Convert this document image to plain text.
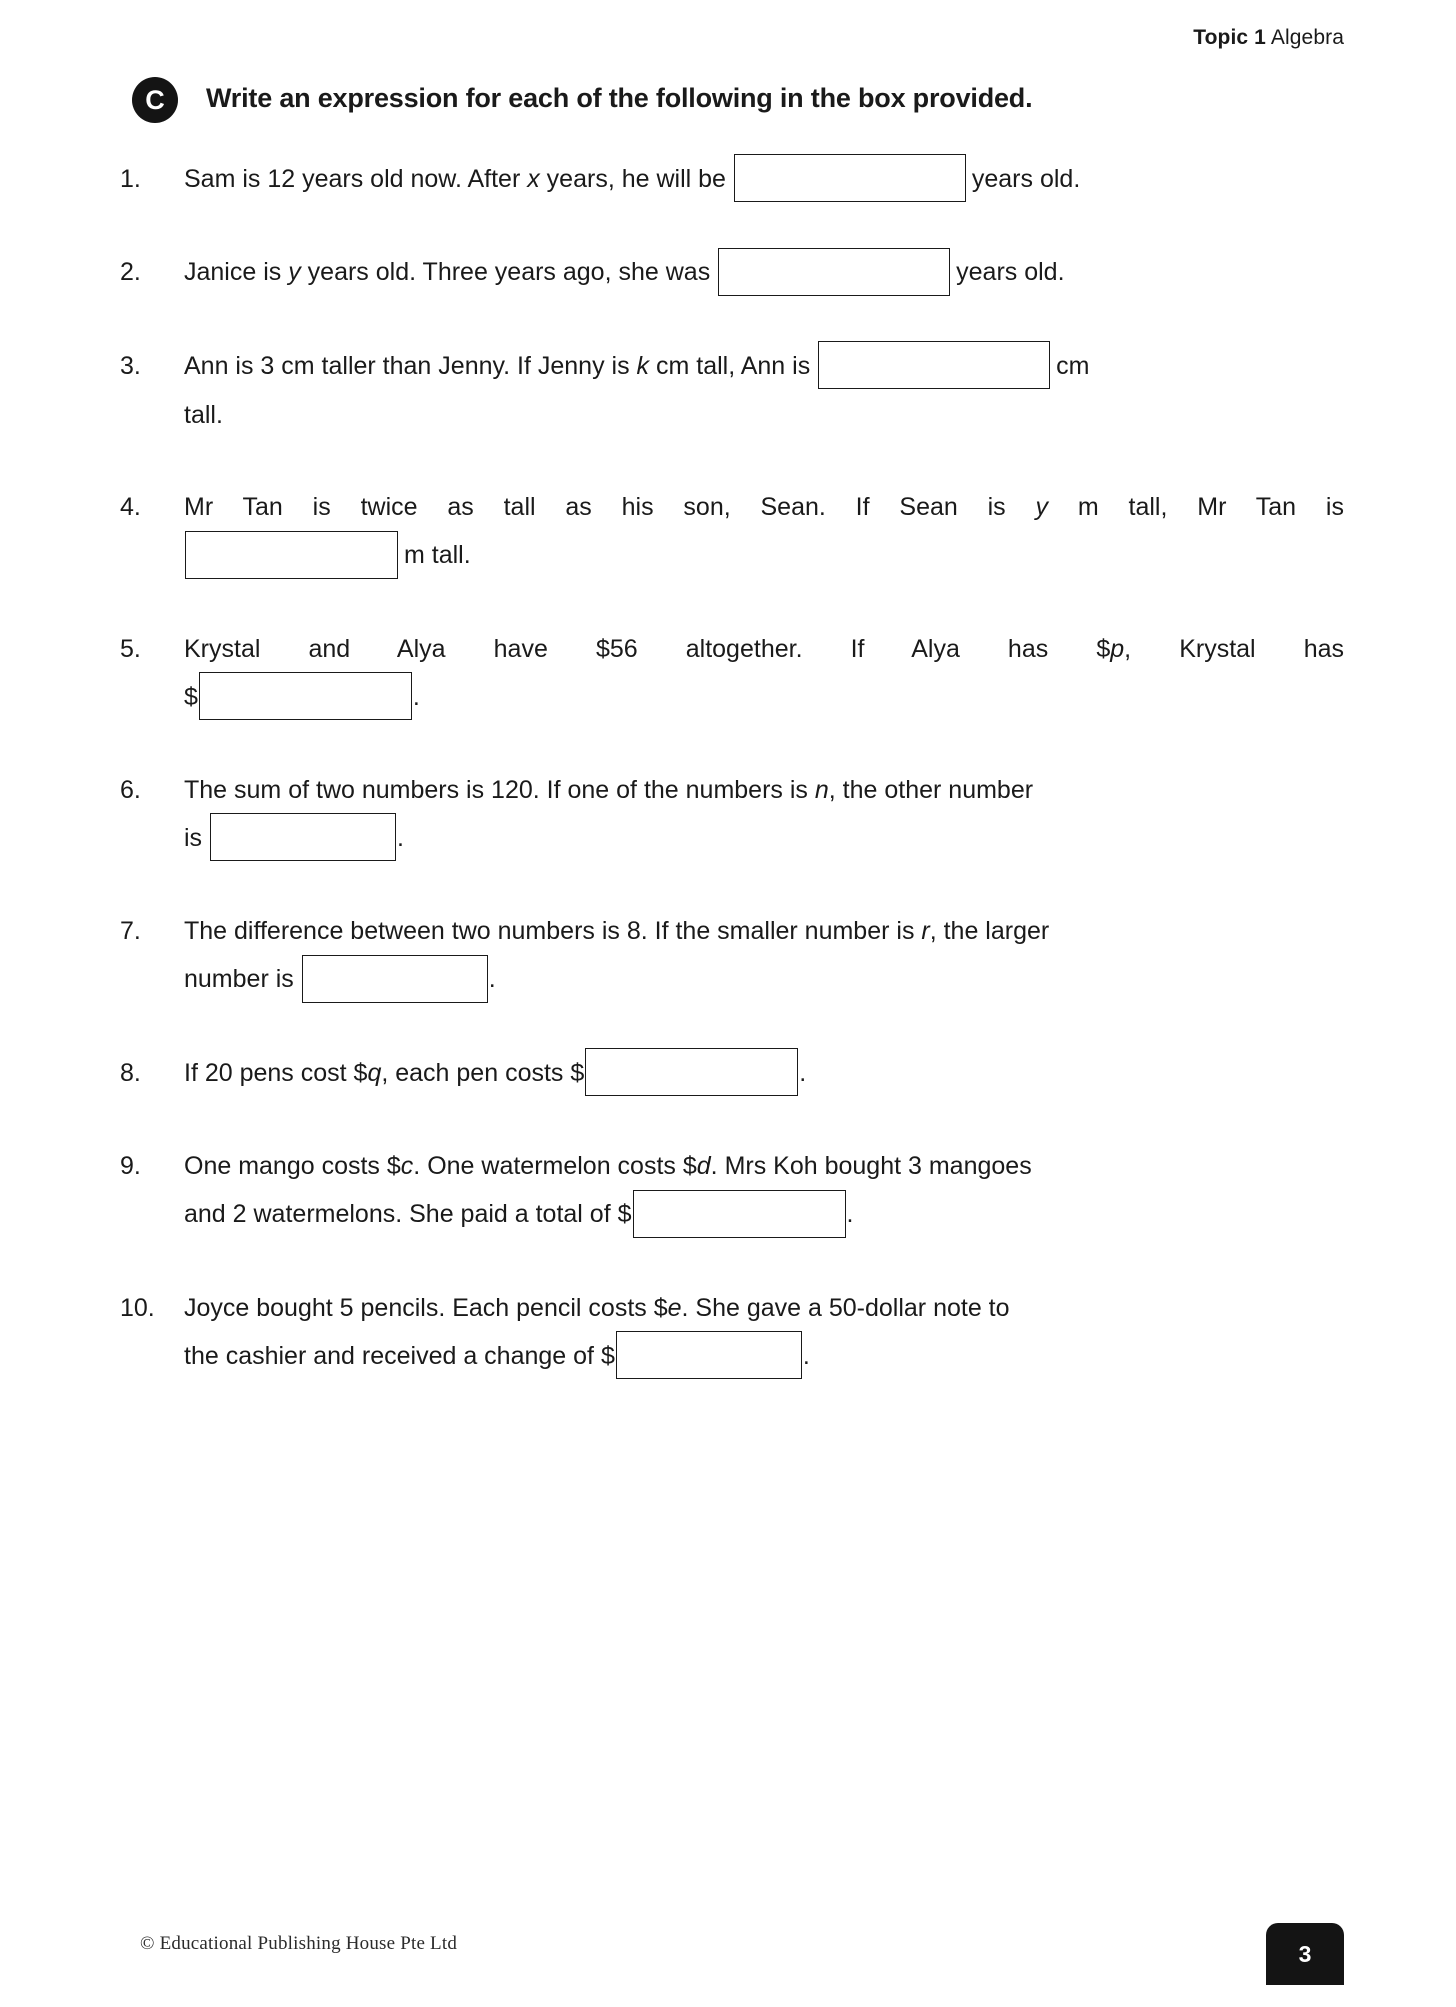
Topic 1 Algebra
C	Write an expression for each of the following in the box provided.
1.	Sam is 12 years old now. After x years, he will be	years old.
2.	Janice is y years old. Three years ago, she was	years old.
3.	Ann is 3 cm taller than Jenny. If Jenny is k cm tall, Ann is	cm
tall.
4.	Mr Tan is twice as tall as his son, Sean. If Sean is y m tall, Mr Tan is
m tall.
5.	Krystal and Alya have $56 altogether. If Alya has $p, Krystal has
$	.
6.	The sum of two numbers is 120. If one of the numbers is n, the other number
is	.
7.	The difference between two numbers is 8. If the smaller number is r, the larger
number is	.
8.	If 20 pens cost $q, each pen costs $	.
9.	One mango costs $c. One watermelon costs $d. Mrs Koh bought 3 mangoes
and 2 watermelons. She paid a total of $	.
10.	Joyce bought 5 pencils. Each pencil costs $e. She gave a 50-dollar note to
the cashier and received a change of $	.
© Educational Publishing House Pte Ltd	3
